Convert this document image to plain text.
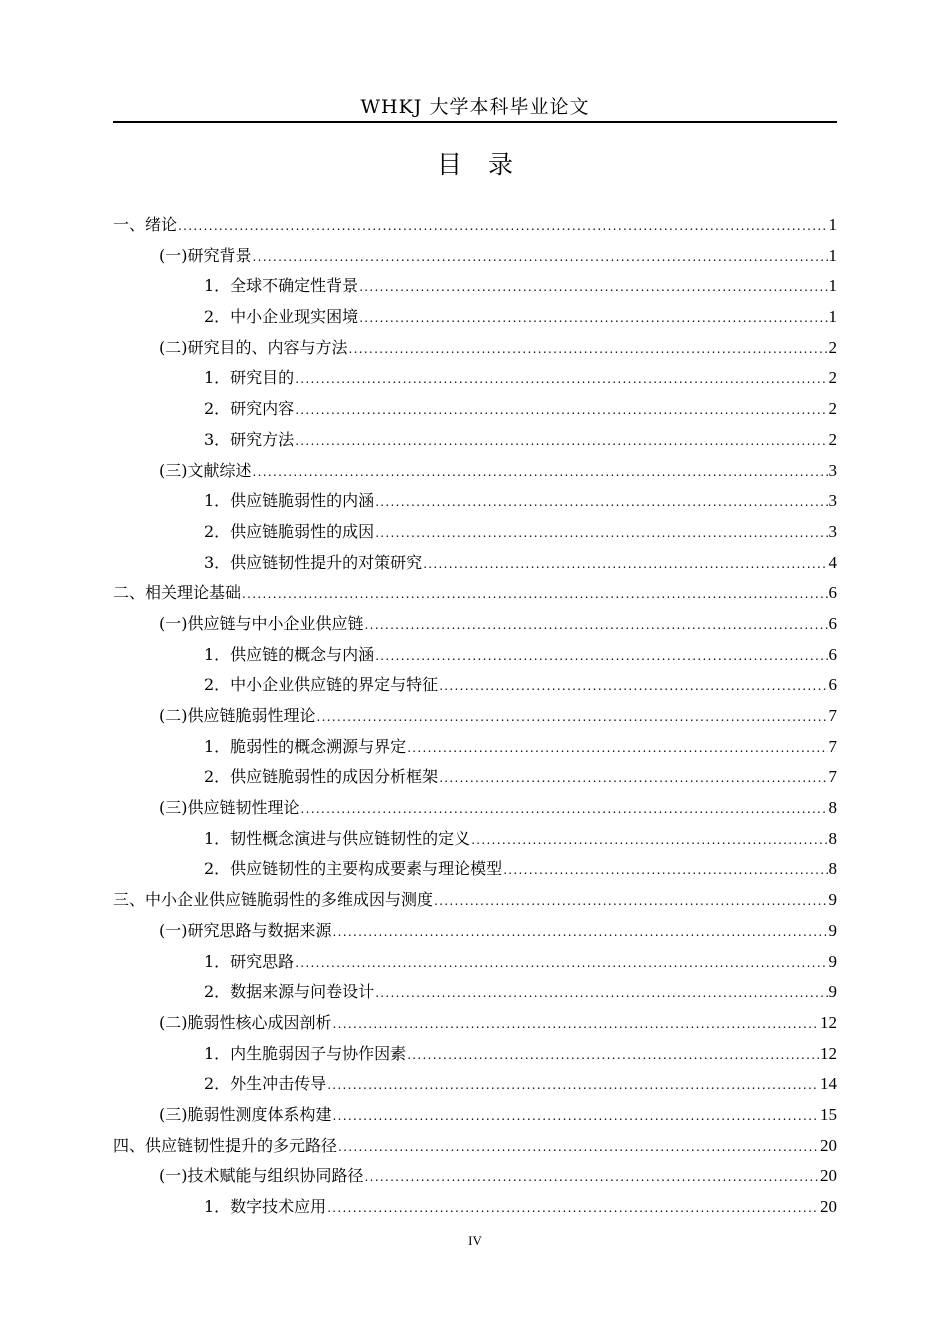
WHKJ 大学本科毕业论文
目录
一、绪论 .....	1
(一)研究背景 .....	1
1．全球不确定性背景 .....	1
2．中小企业现实困境 .....	1
(二)研究目的、内容与方法 .....	2
1．研究目的 .....	2
2．研究内容 .....	2
3．研究方法 .....	2
(三)文献综述 .....	3
1．供应链脆弱性的内涵 .....	3
2．供应链脆弱性的成因 .....	3
3．供应链韧性提升的对策研究 .....	4
二、相关理论基础 .....	6
(一)供应链与中小企业供应链 .....	6
1．供应链的概念与内涵 .....	6
2．中小企业供应链的界定与特征 .....	6
(二)供应链脆弱性理论 .....	7
1．脆弱性的概念溯源与界定 .....	7
2．供应链脆弱性的成因分析框架 .....	7
(三)供应链韧性理论 .....	8
1．韧性概念演进与供应链韧性的定义 .....	8
2．供应链韧性的主要构成要素与理论模型 .....	8
三、中小企业供应链脆弱性的多维成因与测度 .....	9
(一)研究思路与数据来源 .....	9
1．研究思路 .....	9
2．数据来源与问卷设计 .....	9
(二)脆弱性核心成因剖析 .....	12
1．内生脆弱因子与协作因素 .....	12
2．外生冲击传导 .....	14
(三)脆弱性测度体系构建 .....	15
四、供应链韧性提升的多元路径 .....	20
(一)技术赋能与组织协同路径 .....	20
1．数字技术应用 .....	20
IV
